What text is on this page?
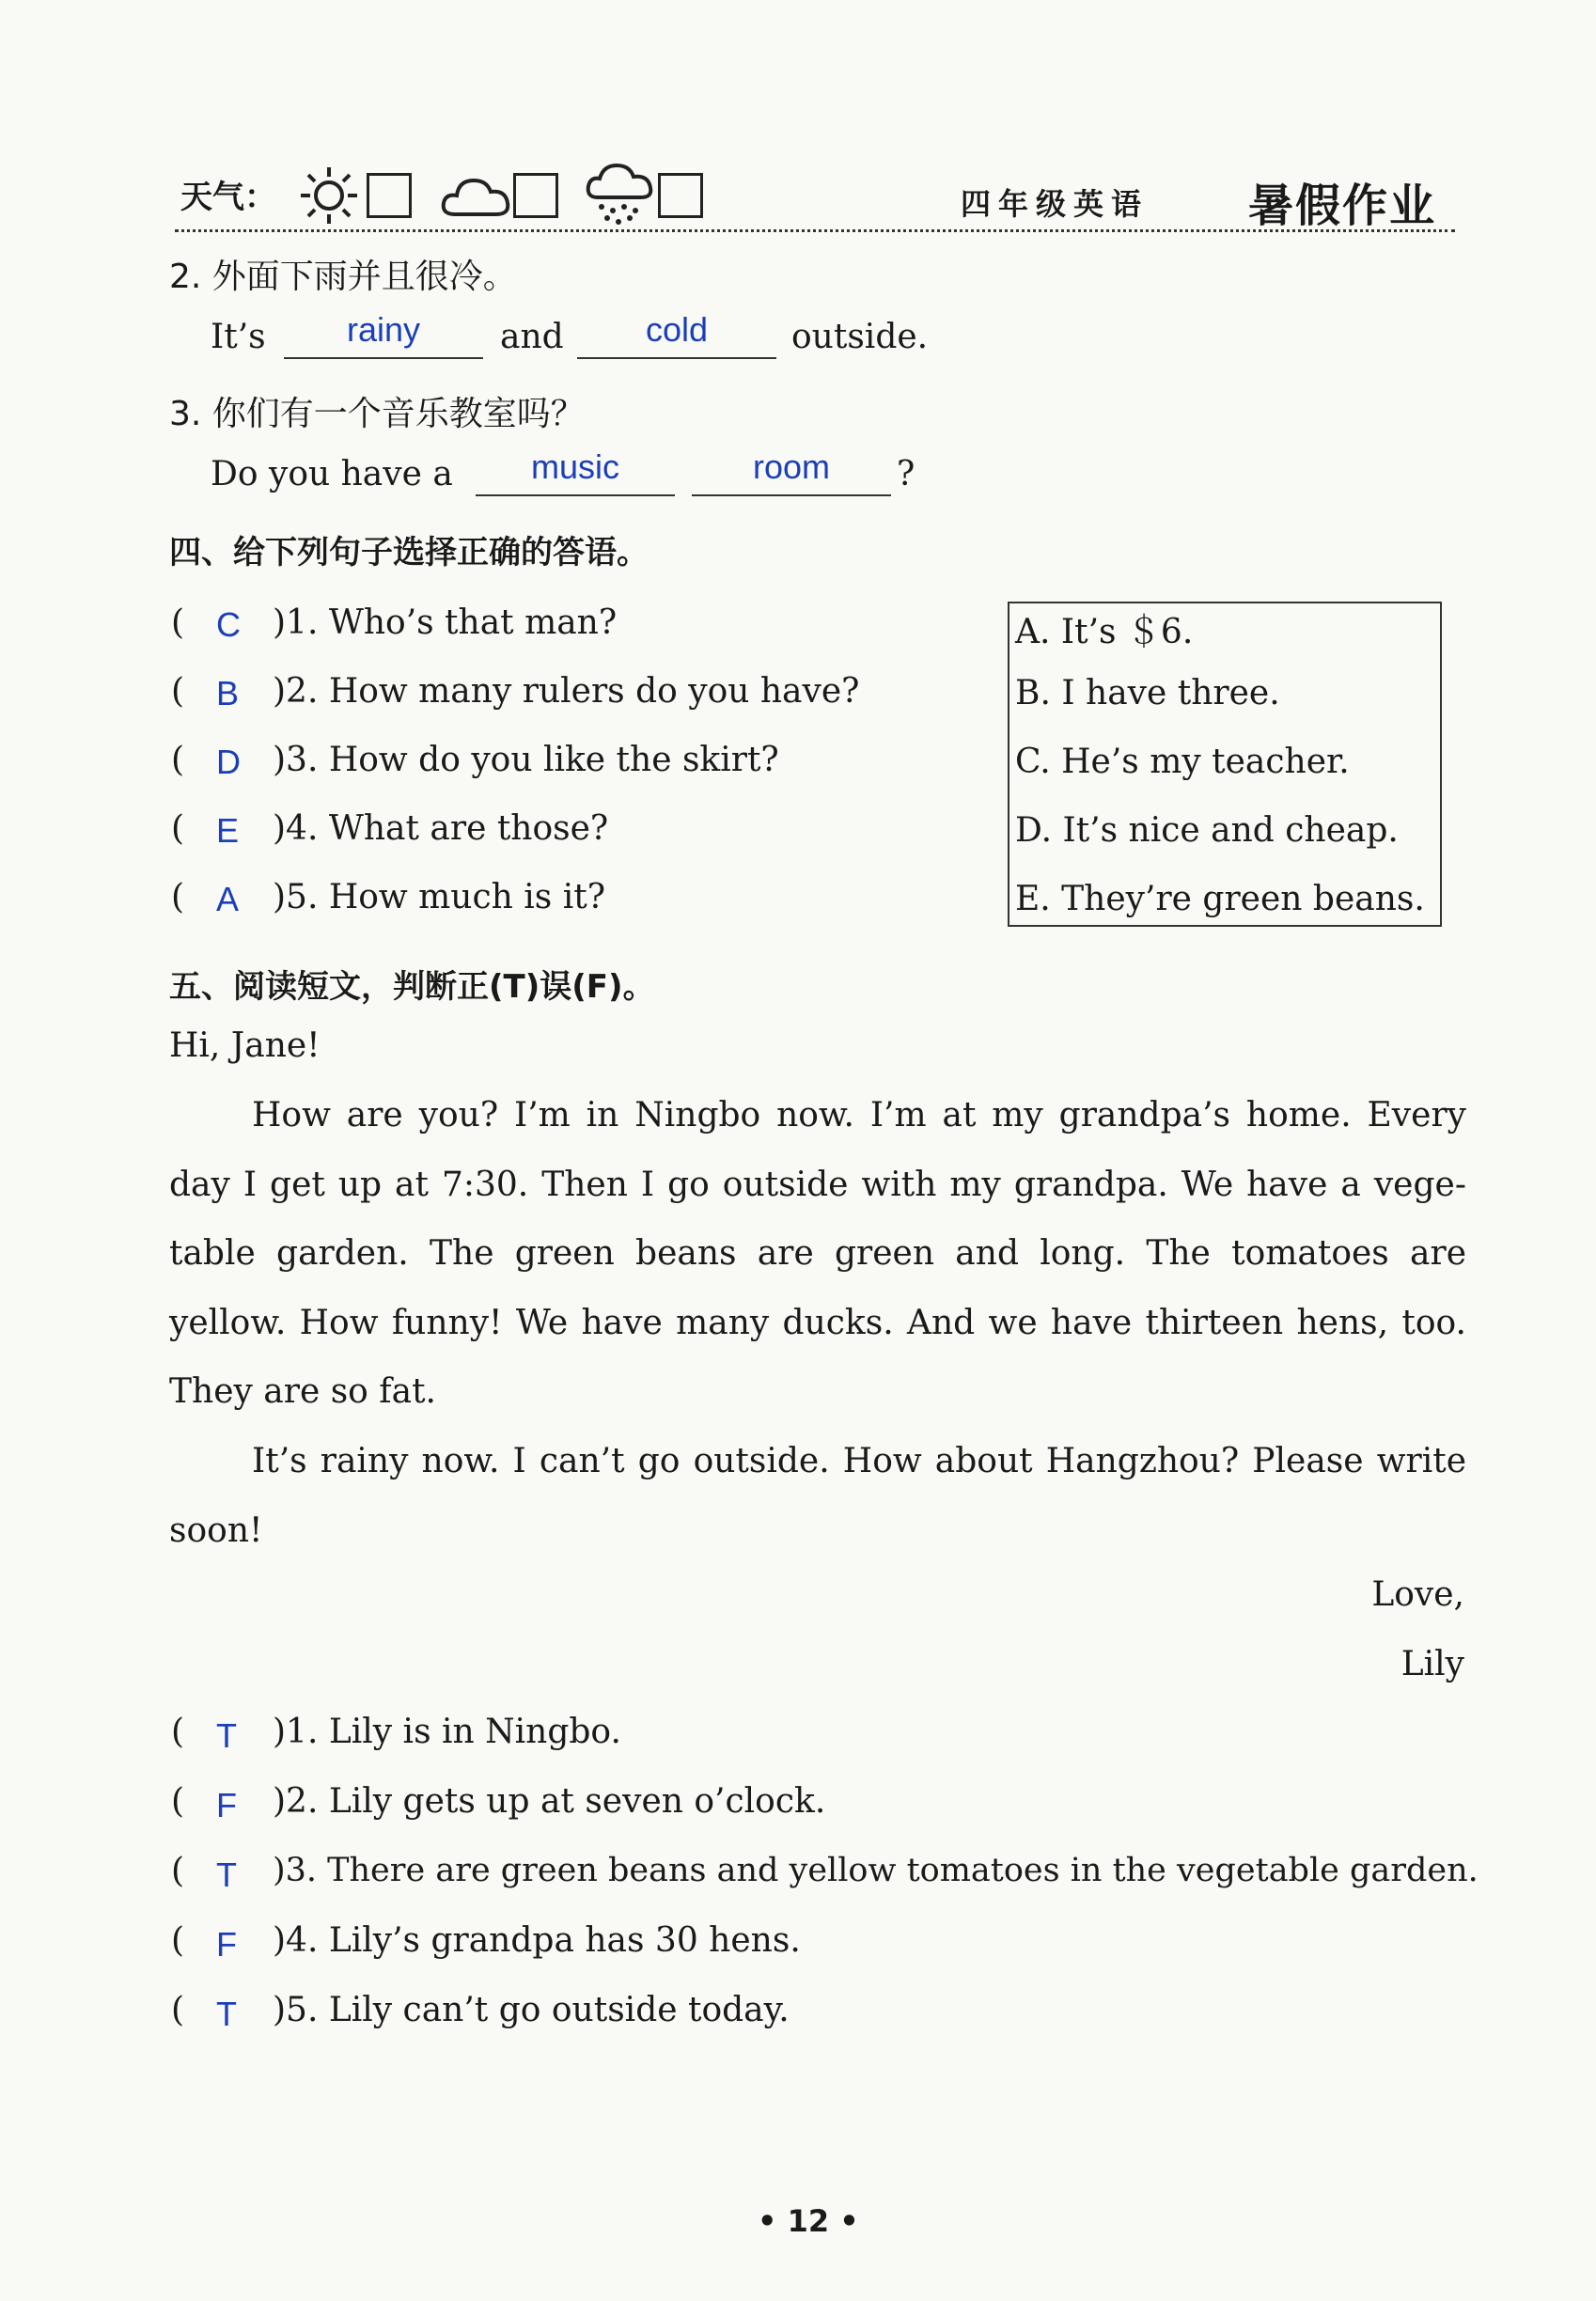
天气：	四年级英语 暑假作业
2. 外面下雨并且很冷。
It’s	rainy	and	cold	outside.
3. 你们有一个音乐教室吗？
Do you have a	music	room	?
四、给下列句子选择正确的答语。
( C )1. Who’s that man?
( B )2. How many rulers do you have?
( D )3. How do you like the skirt?
( E )4. What are those?
( A )5. How much is it?
A. It’s ＄6.
B. I have three.
C. He’s my teacher.
D. It’s nice and cheap.
E. They’re green beans.
五、阅读短文，判断正(T)误(F)。
Hi, Jane!

How are you? I’m in Ningbo now. I’m at my grandpa’s home. Every day I get up at 7:30. Then I go outside with my grandpa. We have a vege-table garden. The green beans are green and long. The tomatoes are yellow. How funny! We have many ducks. And we have thirteen hens, too. They are so fat.

It’s rainy now. I can’t go outside. How about Hangzhou? Please write soon!

Love,
Lily
( T )1. Lily is in Ningbo.
( F )2. Lily gets up at seven o’clock.
( T )3. There are green beans and yellow tomatoes in the vegetable garden.
( F )4. Lily’s grandpa has 30 hens.
( T )5. Lily can’t go outside today.
• 12 •
